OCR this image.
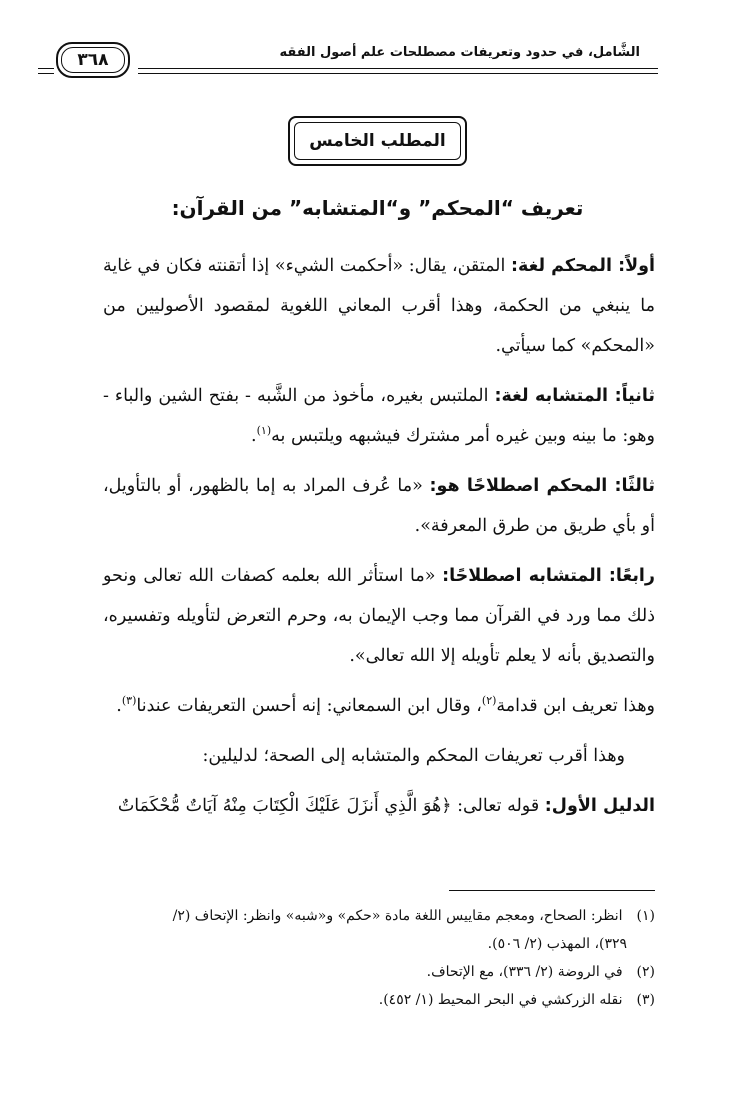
الشَّامل، في حدود وتعريفات مصطلحات علم أصول الفقه
٣٦٨
المطلب الخامس
تعريف “المحكم” و“المتشابه” من القرآن:

أولاً: المحكم لغة: المتقن، يقال: «أحكمت الشيء» إذا أتقنته فكان في غاية ما ينبغي من الحكمة، وهذا أقرب المعاني اللغوية لمقصود الأصوليين من «المحكم» كما سيأتي.

ثانياً: المتشابه لغة: الملتبس بغيره، مأخوذ من الشَّبه - بفتح الشين والباء - وهو: ما بينه وبين غيره أمر مشترك فيشبهه ويلتبس به$^{(١)}$.

ثالثًا: المحكم اصطلاحًا هو: «ما عُرف المراد به إما بالظهور، أو بالتأويل، أو بأي طريق من طرق المعرفة».

رابعًا: المتشابه اصطلاحًا: «ما استأثر الله بعلمه كصفات الله تعالى ونحو ذلك مما ورد في القرآن مما وجب الإيمان به، وحرم التعرض لتأويله وتفسيره، والتصديق بأنه لا يعلم تأويله إلا الله تعالى».

وهذا تعريف ابن قدامة$^{(٢)}$، وقال ابن السمعاني: إنه أحسن التعريفات عندنا$^{(٣)}$.

وهذا أقرب تعريفات المحكم والمتشابه إلى الصحة؛ لدليلين:

الدليل الأول: قوله تعالى: ﴿هُوَ الَّذِي أَنزَلَ عَلَيْكَ الْكِتَابَ مِنْهُ آيَاتٌ مُّحْكَمَاتٌ

(١) انظر: الصحاح، ومعجم مقاييس اللغة مادة «حكم» و«شبه» وانظر: الإتحاف (٢/

٣٢٩)، المهذب (٢/ ٥٠٦).

(٢) في الروضة (٢/ ٣٣٦)، مع الإتحاف.

(٣) نقله الزركشي في البحر المحيط (١/ ٤٥٢).
